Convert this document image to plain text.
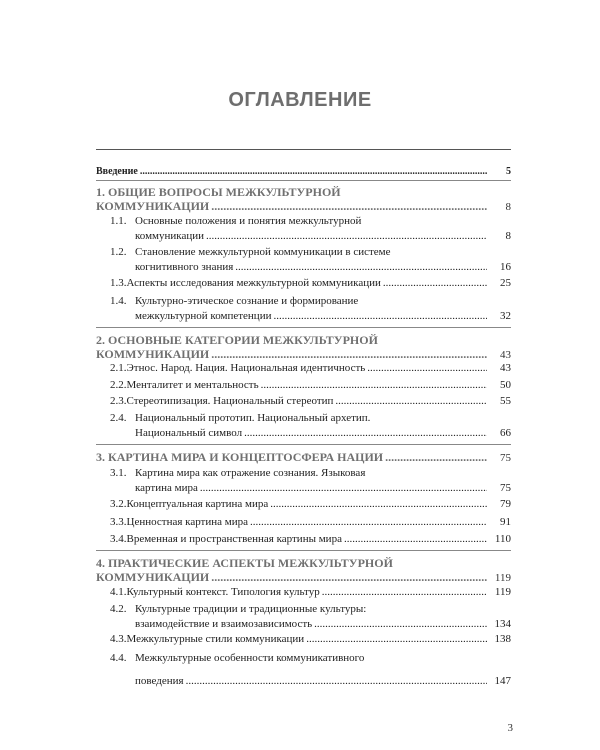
ОГЛАВЛЕНИЕ
Введение .....	5
1. ОБЩИЕ ВОПРОСЫ МЕЖКУЛЬТУРНОЙ
КОММУНИКАЦИИ .....	8
1.1. Основные положения и понятия межкультурной
коммуникации .....	8
1.2. Становление межкультурной коммуникации в системе
когнитивного знания .....	16
1.3. Аспекты исследования межкультурной коммуникации .....	25
1.4. Культурно-этическое сознание и формирование
межкультурной компетенции .....	32
2. ОСНОВНЫЕ КАТЕГОРИИ МЕЖКУЛЬТУРНОЙ
КОММУНИКАЦИИ .....	43
2.1. Этнос. Народ. Нация. Национальная идентичность .....	43
2.2. Менталитет и ментальность .....	50
2.3. Стереотипизация. Национальный стереотип .....	55
2.4. Национальный прототип. Национальный архетип.
Национальный символ .....	66
3. КАРТИНА МИРА И КОНЦЕПТОСФЕРА НАЦИИ .....	75
3.1. Картина мира как отражение сознания. Языковая
картина мира .....	75
3.2. Концептуальная картина мира .....	79
3.3. Ценностная картина мира .....	91
3.4. Временная и пространственная картины мира .....	110
4. ПРАКТИЧЕСКИЕ АСПЕКТЫ МЕЖКУЛЬТУРНОЙ
КОММУНИКАЦИИ .....	119
4.1. Культурный контекст. Типология культур .....	119
4.2. Культурные традиции и традиционные культуры:
взаимодействие и взаимозависимость .....	134
4.3. Межкультурные стили коммуникации .....	138
4.4. Межкультурные особенности коммуникативного
поведения .....	147
3
